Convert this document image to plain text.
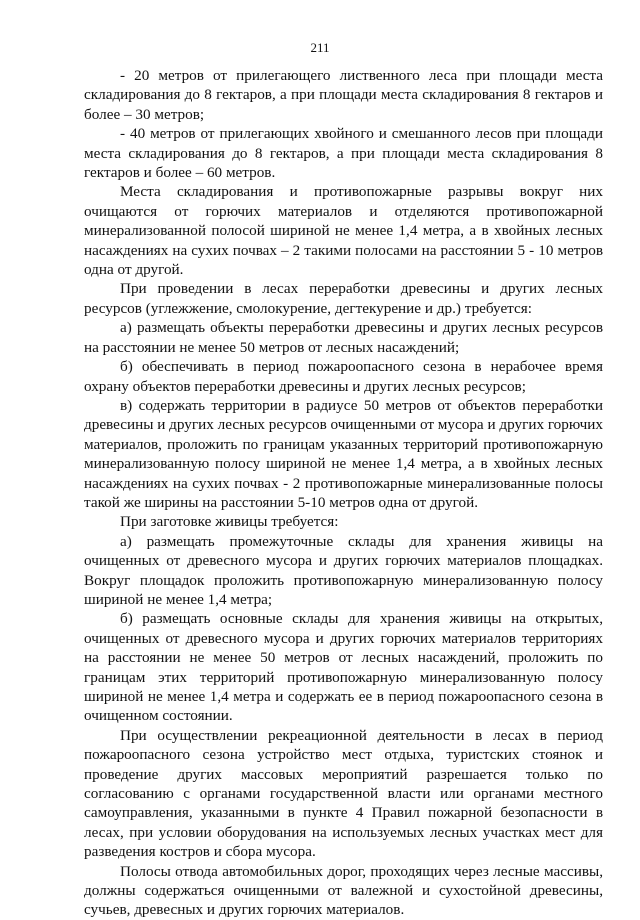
211

- 20 метров от прилегающего лиственного леса при площади места складирования до 8 гектаров, а при площади места складирования 8 гектаров и более – 30 метров;

- 40 метров от прилегающих хвойного и смешанного лесов при площади места складирования до 8 гектаров, а при площади места складирования 8 гектаров и более – 60 метров.

Места складирования и противопожарные разрывы вокруг них очищаются от горючих материалов и отделяются противопожарной минерализованной полосой шириной не менее 1,4 метра, а в хвойных лесных насаждениях на сухих почвах – 2 такими полосами на расстоянии 5 - 10 метров одна от другой.

При проведении в лесах переработки древесины и других лесных ресурсов (углежжение, смолокурение, дегтекурение и др.) требуется:

а) размещать объекты переработки древесины и других лесных ресурсов на расстоянии не менее 50 метров от лесных насаждений;

б) обеспечивать в период пожароопасного сезона в нерабочее время охрану объектов переработки древесины и других лесных ресурсов;

в) содержать территории в радиусе 50 метров от объектов переработки древесины и других лесных ресурсов очищенными от мусора и других горючих материалов, проложить по границам указанных территорий противопожарную минерализованную полосу шириной не менее 1,4 метра, а в хвойных лесных насаждениях на сухих почвах - 2 противопожарные минерализованные полосы такой же ширины на расстоянии 5-10 метров одна от другой.

При заготовке живицы требуется:

а) размещать промежуточные склады для хранения живицы на очищенных от древесного мусора и других горючих материалов площадках. Вокруг площадок проложить противопожарную минерализованную полосу шириной не менее 1,4 метра;

б) размещать основные склады для хранения живицы на открытых, очищенных от древесного мусора и других горючих материалов территориях на расстоянии не менее 50 метров от лесных насаждений, проложить по границам этих территорий противопожарную минерализованную полосу шириной не менее 1,4 метра и содержать ее в период пожароопасного сезона в очищенном состоянии.

При осуществлении рекреационной деятельности в лесах в период пожароопасного сезона устройство мест отдыха, туристских стоянок и проведение других массовых мероприятий разрешается только по согласованию с органами государственной власти или органами местного самоуправления, указанными в пункте 4 Правил пожарной безопасности в лесах, при условии оборудования на используемых лесных участках мест для разведения костров и сбора мусора.

Полосы отвода автомобильных дорог, проходящих через лесные массивы, должны содержаться очищенными от валежной и сухостойной древесины, сучьев, древесных и других горючих материалов.
